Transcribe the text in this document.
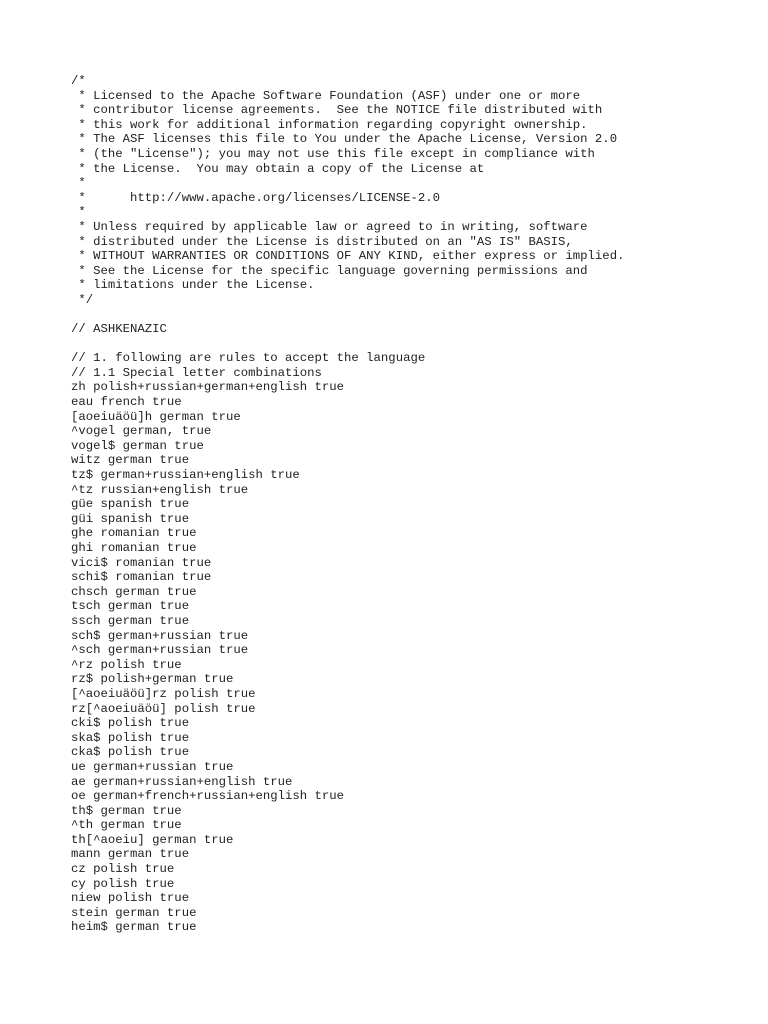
/*
* Licensed to the Apache Software Foundation (ASF) under one or more
* contributor license agreements.  See the NOTICE file distributed with
* this work for additional information regarding copyright ownership.
* The ASF licenses this file to You under the Apache License, Version 2.0
* (the "License"); you may not use this file except in compliance with
* the License.  You may obtain a copy of the License at
*
*      http://www.apache.org/licenses/LICENSE-2.0
*
* Unless required by applicable law or agreed to in writing, software
* distributed under the License is distributed on an "AS IS" BASIS,
* WITHOUT WARRANTIES OR CONDITIONS OF ANY KIND, either express or implied.
* See the License for the specific language governing permissions and
* limitations under the License.
*/

// ASHKENAZIC

// 1. following are rules to accept the language
// 1.1 Special letter combinations
zh polish+russian+german+english true
eau french true
[aoeiuäöü]h german true
^vogel german, true
vogel$ german true
witz german true
tz$ german+russian+english true
^tz russian+english true
güe spanish true
güi spanish true
ghe romanian true
ghi romanian true
vici$ romanian true
schi$ romanian true
chsch german true
tsch german true
ssch german true
sch$ german+russian true
^sch german+russian true
^rz polish true
rz$ polish+german true
[^aoeiuäöü]rz polish true
rz[^aoeiuäöü] polish true
cki$ polish true
ska$ polish true
cka$ polish true
ue german+russian true
ae german+russian+english true
oe german+french+russian+english true
th$ german true
^th german true
th[^aoeiu] german true
mann german true
cz polish true
cy polish true
niew polish true
stein german true
heim$ german true
